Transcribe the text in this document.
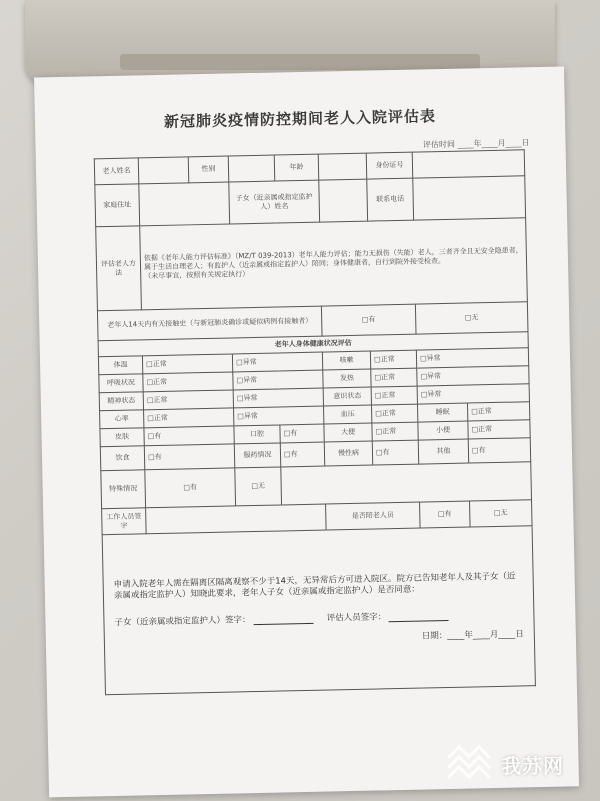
新冠肺炎疫情防控期间老人入院评估表
评估时间 ____年____月____日
老人姓名		性别		年龄		身份证号		
家庭住址			子女（近亲属或指定监护人）姓名			联系电话		
评估老人方法	依据《老年人能力评估标准》（MZ/T 039-2013）老年人能力评估；能力无损伤（失能）老人，三者齐全且无安全隐患者，属于生活自理老人；有监护人（近亲属或指定监护人）陪同；身体健康者，自行到院外接受检查。
（未尽事宜，按照有关规定执行）							

老年人14天内有无接触史（与新冠肺炎确诊或疑似病例有接触者）					□有		□无	
老年人身体健康状况评估								
体温	□正常		□异常		咳嗽	□正常	□异常	
呼吸状况	□正常		□异常		发热	□正常	□异常	
精神状态	□正常		□异常		意识状态	□正常	□异常	
心率	□正常		□异常		血压	□正常	睡眠	□正常
皮肤	□有		口腔	□有	大便	□正常	小便	□正常
饮食	□有		服药情况	□有	慢性病	□有	其他	□有
特殊情况	□有		□无					
工作人员签字					是否陪老人员		□有	□无

申请入院老年人需在隔离区隔离观察不少于14天，无异常后方可进入院区。院方已告知老年人及其子女（近亲属或指定监护人）知晓此要求，老年人子女（近亲属或指定监护人）是否同意：
子女（近亲属或指定监护人）签字： 评估人员签字：
日期：____年____月____日								
我苏网
